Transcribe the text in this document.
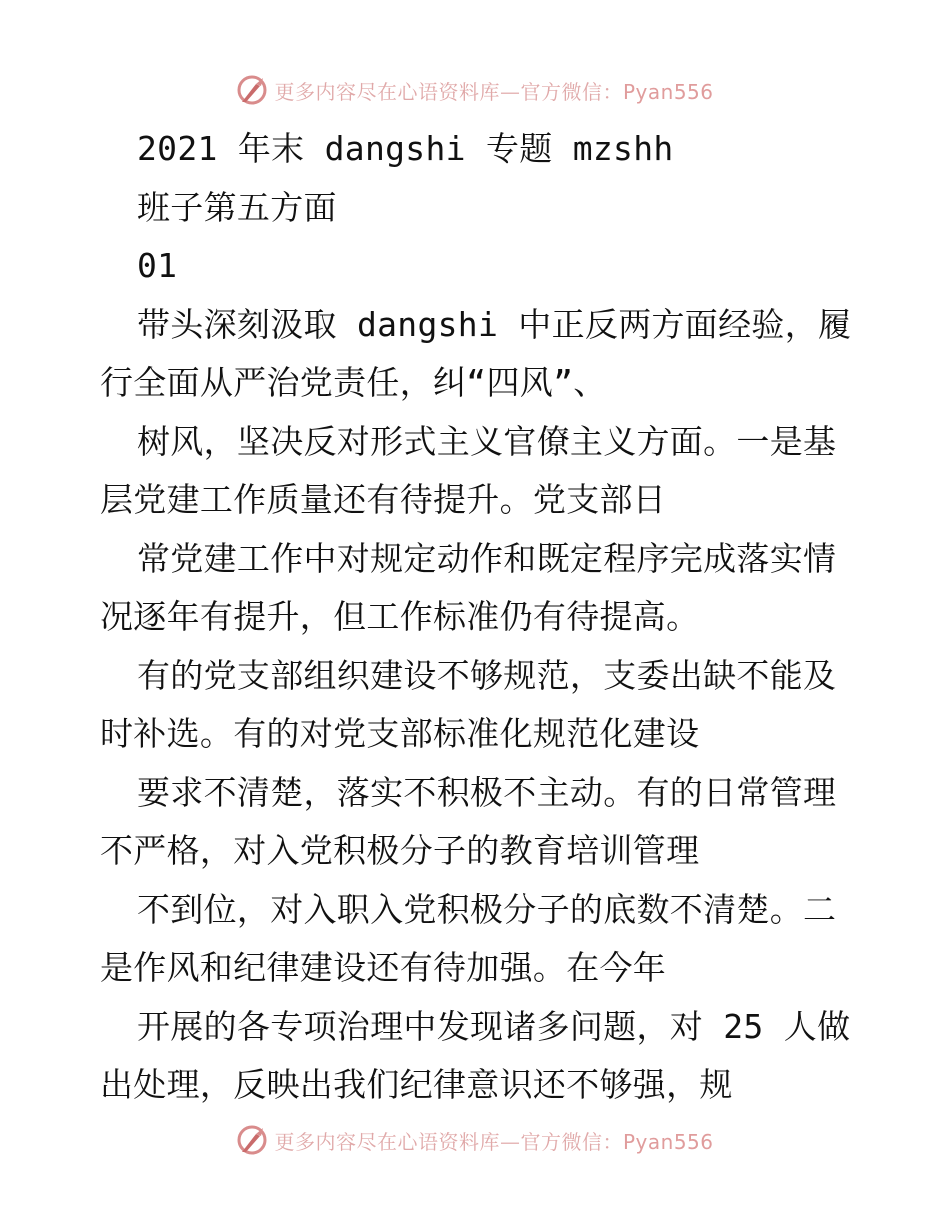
更多内容尽在心语资料库—官方微信：Pyan556
2021 年末 dangshi 专题 mzshh
班子第五方面
01
带头深刻汲取 dangshi 中正反两方面经验，履
行全面从严治党责任，纠“四风”、
树风，坚决反对形式主义官僚主义方面。一是基
层党建工作质量还有待提升。党支部日
常党建工作中对规定动作和既定程序完成落实情
况逐年有提升，但工作标准仍有待提高。
有的党支部组织建设不够规范，支委出缺不能及
时补选。有的对党支部标准化规范化建设
要求不清楚，落实不积极不主动。有的日常管理
不严格，对入党积极分子的教育培训管理
不到位，对入职入党积极分子的底数不清楚。二
是作风和纪律建设还有待加强。在今年
开展的各专项治理中发现诸多问题，对 25 人做
出处理，反映出我们纪律意识还不够强，规
更多内容尽在心语资料库—官方微信：Pyan556
